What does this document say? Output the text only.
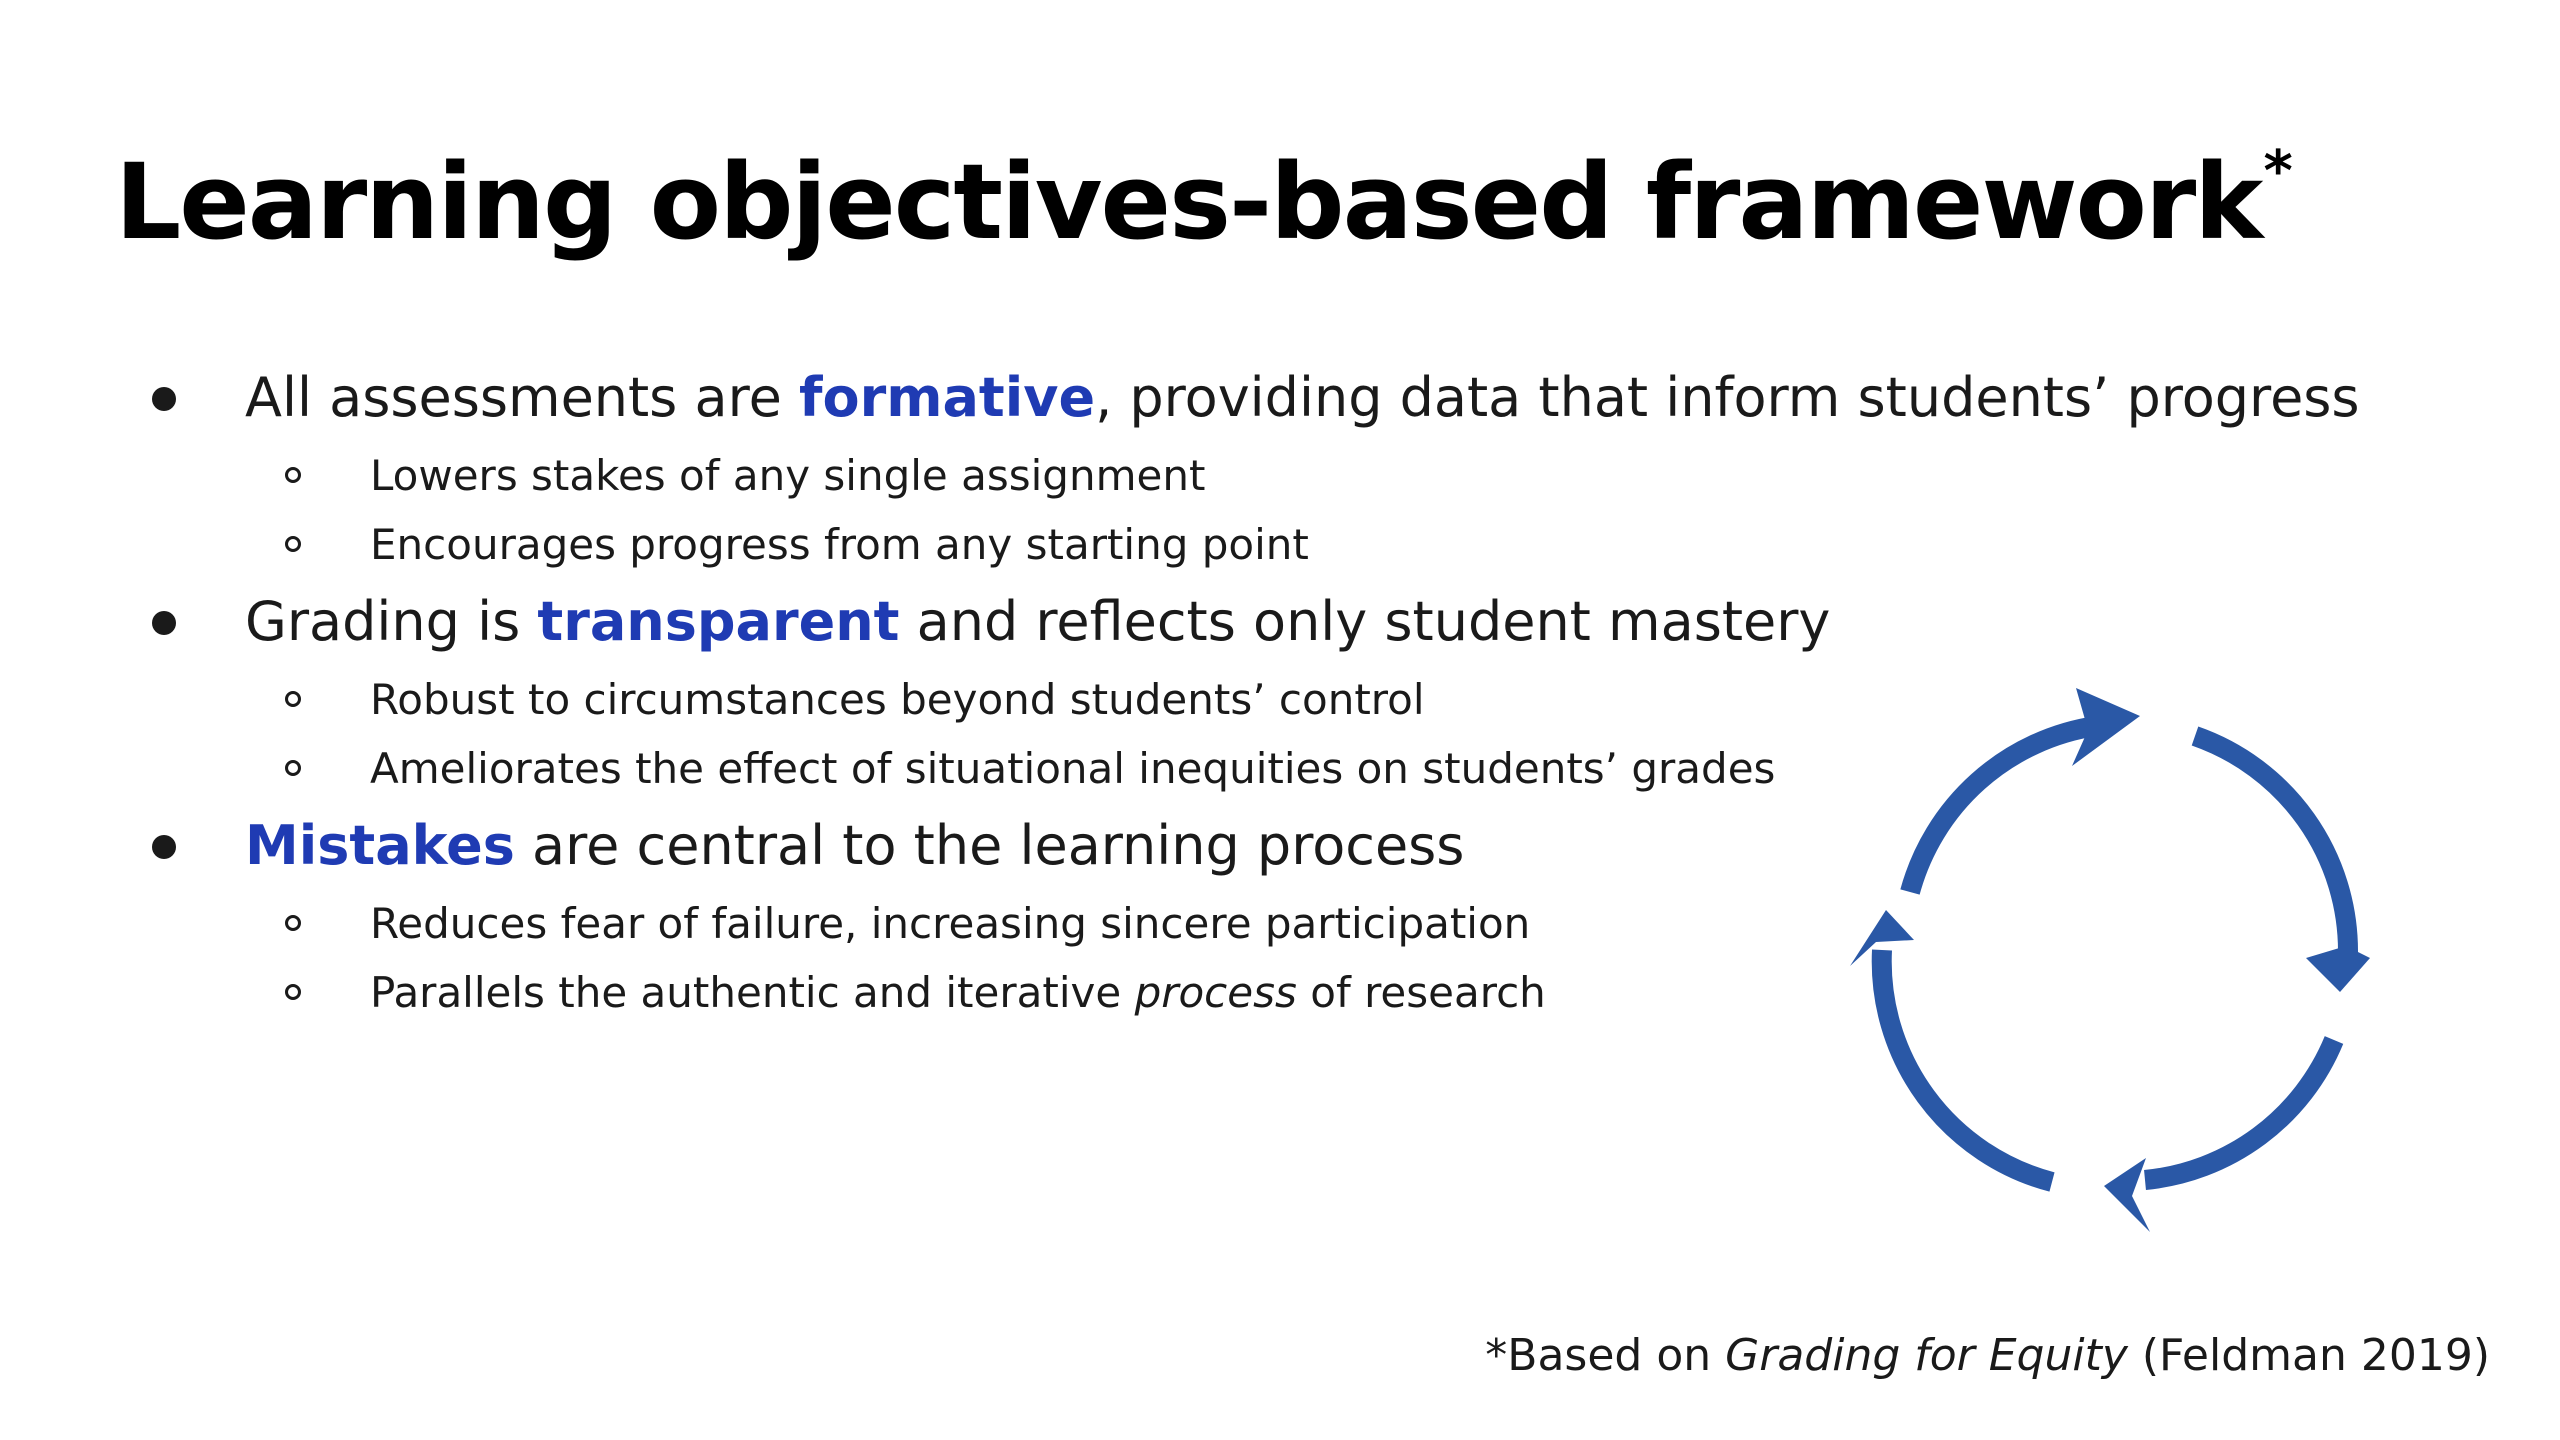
Learning objectives-based framework*
All assessments are formative, providing data that inform students’ progress
Lowers stakes of any single assignment
Encourages progress from any starting point
Grading is transparent and reflects only student mastery
Robust to circumstances beyond students’ control
Ameliorates the effect of situational inequities on students’ grades
Mistakes are central to the learning process
Reduces fear of failure, increasing sincere participation
Parallels the authentic and iterative process of research
*Based on Grading for Equity (Feldman 2019)
